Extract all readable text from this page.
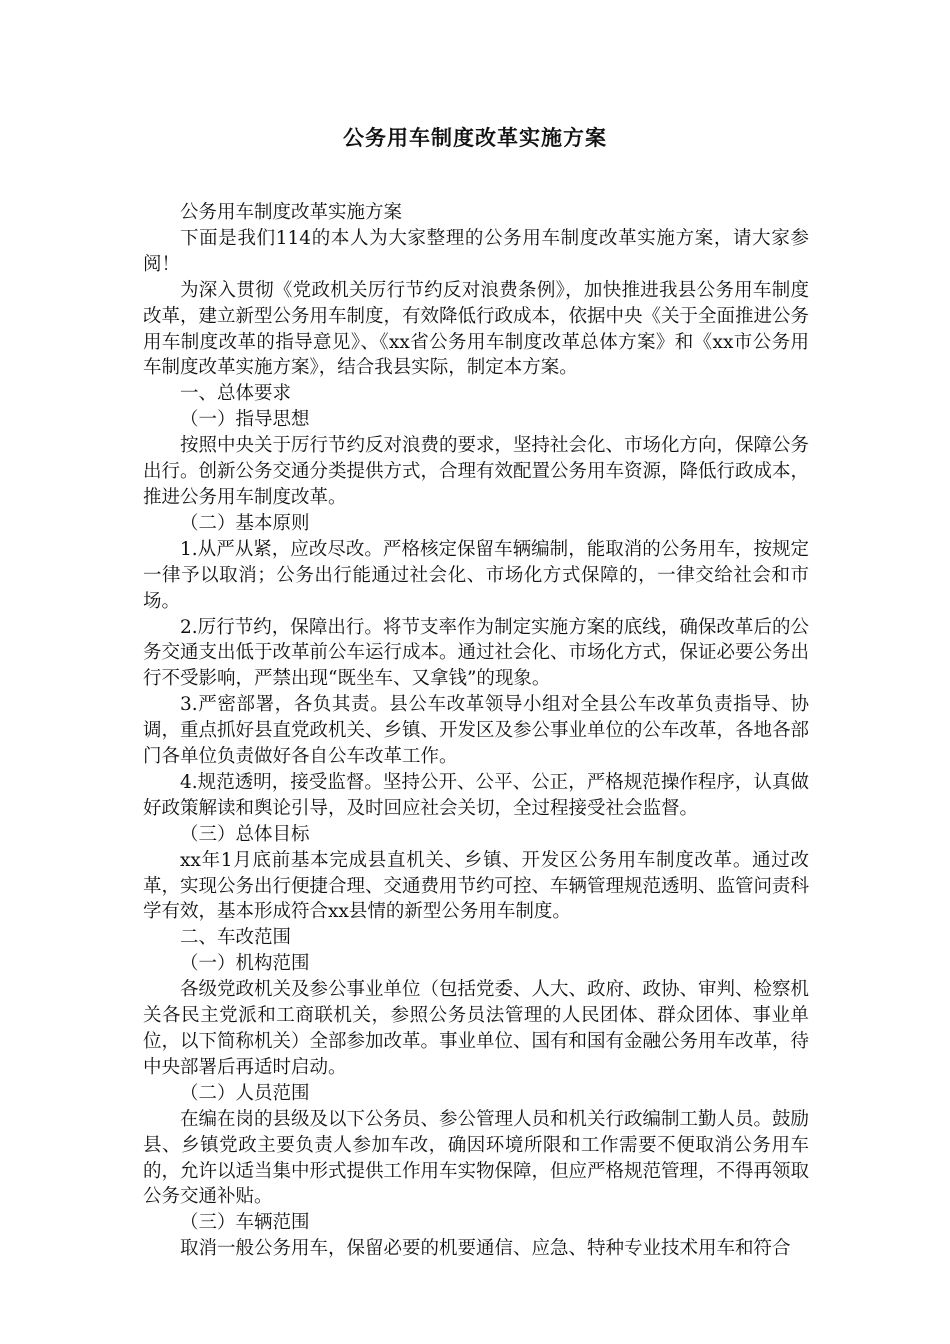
公务用车制度改革实施方案

公务用车制度改革实施方案

下面是我们114的本人为大家整理的公务用车制度改革实施方案，请大家参阅！

为深入贯彻《党政机关厉行节约反对浪费条例》，加快推进我县公务用车制度改革，建立新型公务用车制度，有效降低行政成本，依据中央《关于全面推进公务用车制度改革的指导意见》、《xx省公务用车制度改革总体方案》和《xx市公务用车制度改革实施方案》，结合我县实际，制定本方案。

一、总体要求

（一）指导思想

按照中央关于厉行节约反对浪费的要求，坚持社会化、市场化方向，保障公务出行。创新公务交通分类提供方式，合理有效配置公务用车资源，降低行政成本，推进公务用车制度改革。

（二）基本原则

1.从严从紧，应改尽改。严格核定保留车辆编制，能取消的公务用车，按规定一律予以取消；公务出行能通过社会化、市场化方式保障的，一律交给社会和市场。

2.厉行节约，保障出行。将节支率作为制定实施方案的底线，确保改革后的公务交通支出低于改革前公车运行成本。通过社会化、市场化方式，保证必要公务出行不受影响，严禁出现“既坐车、又拿钱”的现象。

3.严密部署，各负其责。县公车改革领导小组对全县公车改革负责指导、协调，重点抓好县直党政机关、乡镇、开发区及参公事业单位的公车改革，各地各部门各单位负责做好各自公车改革工作。

4.规范透明，接受监督。坚持公开、公平、公正，严格规范操作程序，认真做好政策解读和舆论引导，及时回应社会关切，全过程接受社会监督。

（三）总体目标

xx年1月底前基本完成县直机关、乡镇、开发区公务用车制度改革。通过改革，实现公务出行便捷合理、交通费用节约可控、车辆管理规范透明、监管问责科学有效，基本形成符合xx县情的新型公务用车制度。

二、车改范围

（一）机构范围

各级党政机关及参公事业单位（包括党委、人大、政府、政协、审判、检察机关各民主党派和工商联机关，参照公务员法管理的人民团体、群众团体、事业单位，以下简称机关）全部参加改革。事业单位、国有和国有金融公务用车改革，待中央部署后再适时启动。

（二）人员范围

在编在岗的县级及以下公务员、参公管理人员和机关行政编制工勤人员。鼓励县、乡镇党政主要负责人参加车改，确因环境所限和工作需要不便取消公务用车的，允许以适当集中形式提供工作用车实物保障，但应严格规范管理，不得再领取公务交通补贴。

（三）车辆范围

取消一般公务用车，保留必要的机要通信、应急、特种专业技术用车和符合
